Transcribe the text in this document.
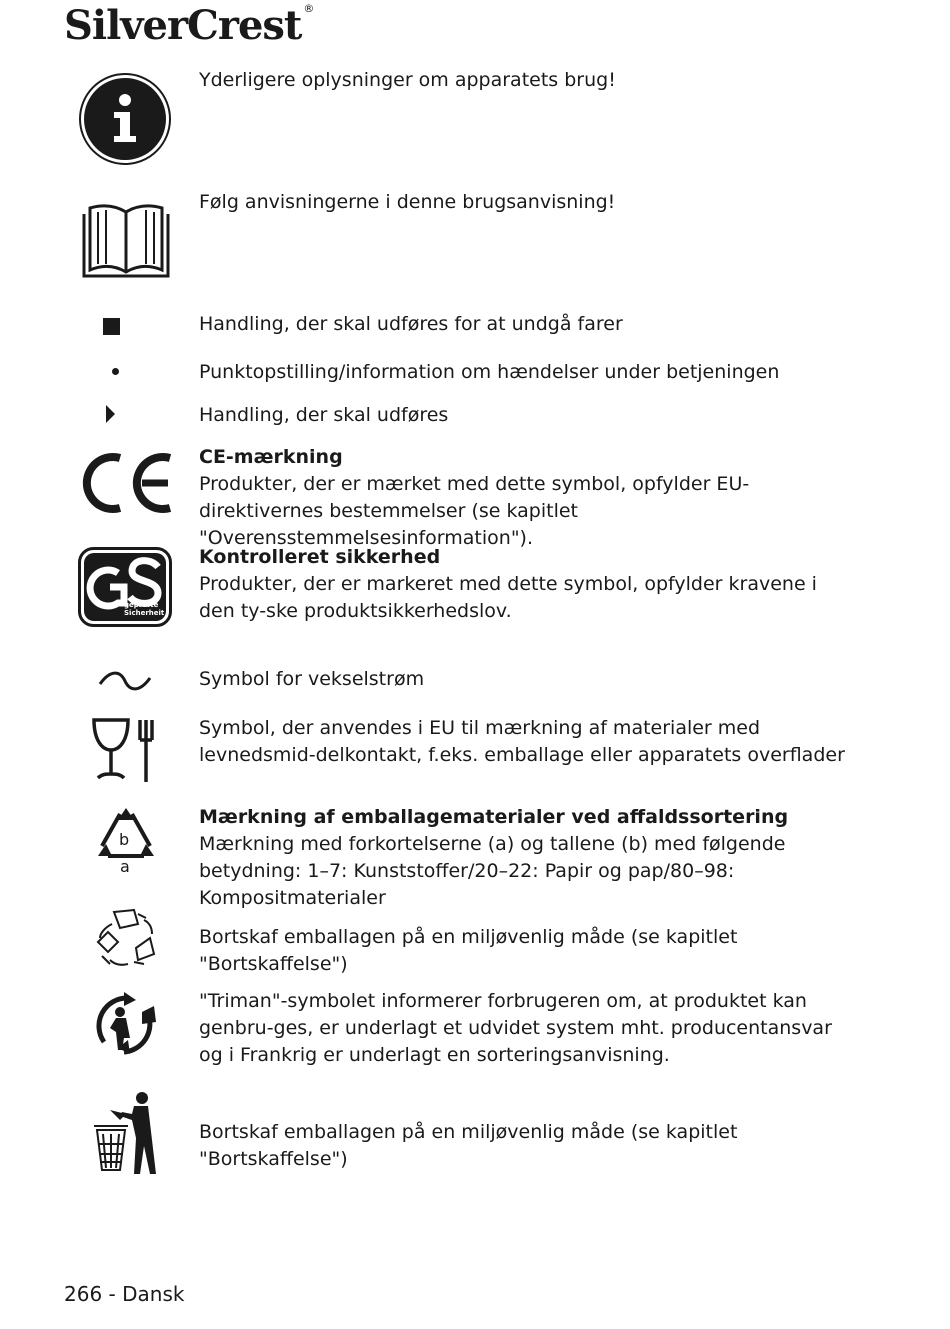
SilverCrest ®
Yderligere oplysninger om apparatets brug!
Følg anvisningerne i denne brugsanvisning!
Handling, der skal udføres for at undgå farer
Punktopstilling/information om hændelser under betjeningen
Handling, der skal udføres
CE-mærkning
Produkter, der er mærket med dette symbol, opfylder EU-direktivernes bestemmelser (se kapitlet "Overensstemmelsesinformation").
geprüfte Sicherheit
Kontrolleret sikkerhed
Produkter, der er markeret med dette symbol, opfylder kravene i den ty-ske produktsikkerhedslov.
Symbol for vekselstrøm
Symbol, der anvendes i EU til mærkning af materialer med levnedsmid-delkontakt, f.eks. emballage eller apparatets overflader
b
a
Mærkning af emballagematerialer ved affaldssortering
Mærkning med forkortelserne (a) og tallene (b) med følgende betydning: 1–7: Kunststoffer/20–22: Papir og pap/80–98: Kompositmaterialer
Bortskaf emballagen på en miljøvenlig måde (se kapitlet "Bortskaffelse")
"Triman"-symbolet informerer forbrugeren om, at produktet kan genbru-ges, er underlagt et udvidet system mht. producentansvar og i Frankrig er underlagt en sorteringsanvisning.
Bortskaf emballagen på en miljøvenlig måde (se kapitlet "Bortskaffelse")
266 - Dansk
